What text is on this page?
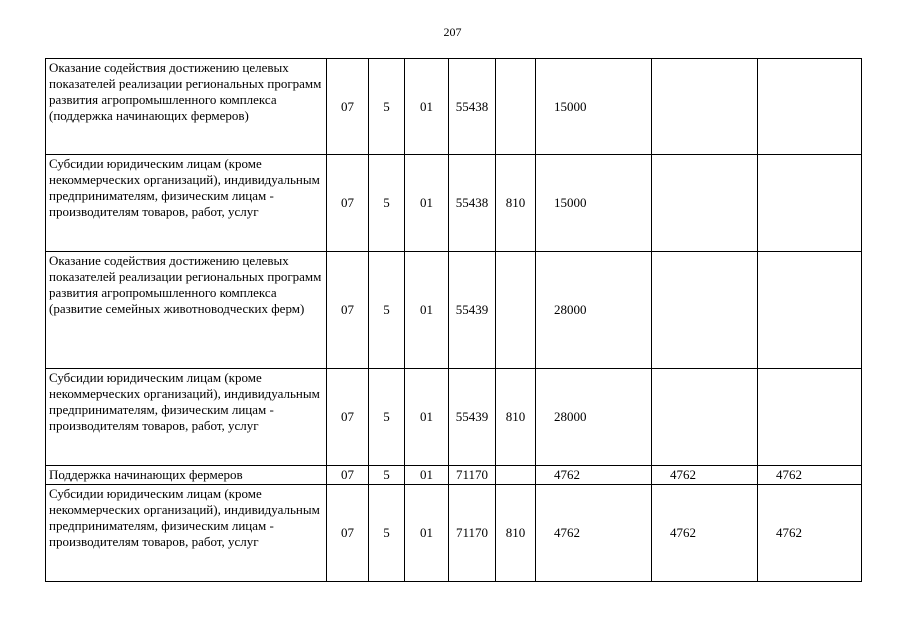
207
Оказание содействия достижению целевых показателей реализации региональных программ развития агропромышленного комплекса (поддержка начинающих фермеров)	07	5	01	55438		15000		
Субсидии юридическим лицам (кроме некоммерческих организаций), индивидуальным предпринимателям, физическим лицам - производителям товаров, работ, услуг	07	5	01	55438	810	15000		
Оказание содействия достижению целевых показателей реализации региональных программ развития агропромышленного комплекса (развитие семейных животноводческих ферм)	07	5	01	55439		28000		
Субсидии юридическим лицам (кроме некоммерческих организаций), индивидуальным предпринимателям, физическим лицам - производителям товаров, работ, услуг	07	5	01	55439	810	28000		
Поддержка начинающих фермеров	07	5	01	71170		4762	4762	4762
Субсидии юридическим лицам (кроме некоммерческих организаций), индивидуальным предпринимателям, физическим лицам - производителям товаров, работ, услуг	07	5	01	71170	810	4762	4762	4762
